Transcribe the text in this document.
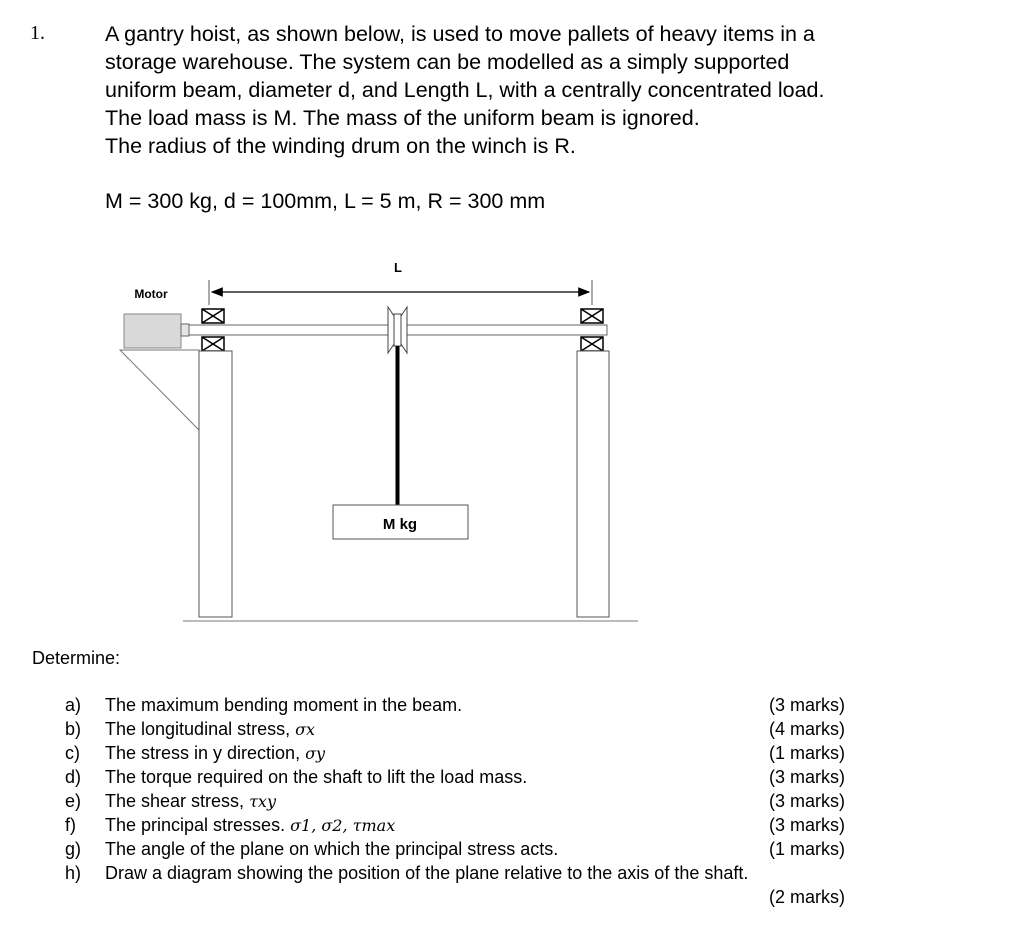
1.	A gantry hoist, as shown below, is used to move pallets of heavy items in a

storage warehouse. The system can be modelled as a simply supported

uniform beam, diameter d, and Length L, with a centrally concentrated load.

The load mass is M. The mass of the uniform beam is ignored.

The radius of the winding drum on the winch is R.

M = 300 kg, d = 100mm, L = 5 m, R = 300 mm
L
Motor
M kg
Determine:
a) The maximum bending moment in the beam.	(3 marks)
b) The longitudinal stress, σx	(4 marks)
c) The stress in y direction, σy	(1 marks)
d) The torque required on the shaft to lift the load mass.	(3 marks)
e) The shear stress, τxy	(3 marks)
f) The principal stresses. σ1, σ2, τmax	(3 marks)
g) The angle of the plane on which the principal stress acts.	(1 marks)
h) Draw a diagram showing the position of the plane relative to the axis of the shaft.
(2 marks)
